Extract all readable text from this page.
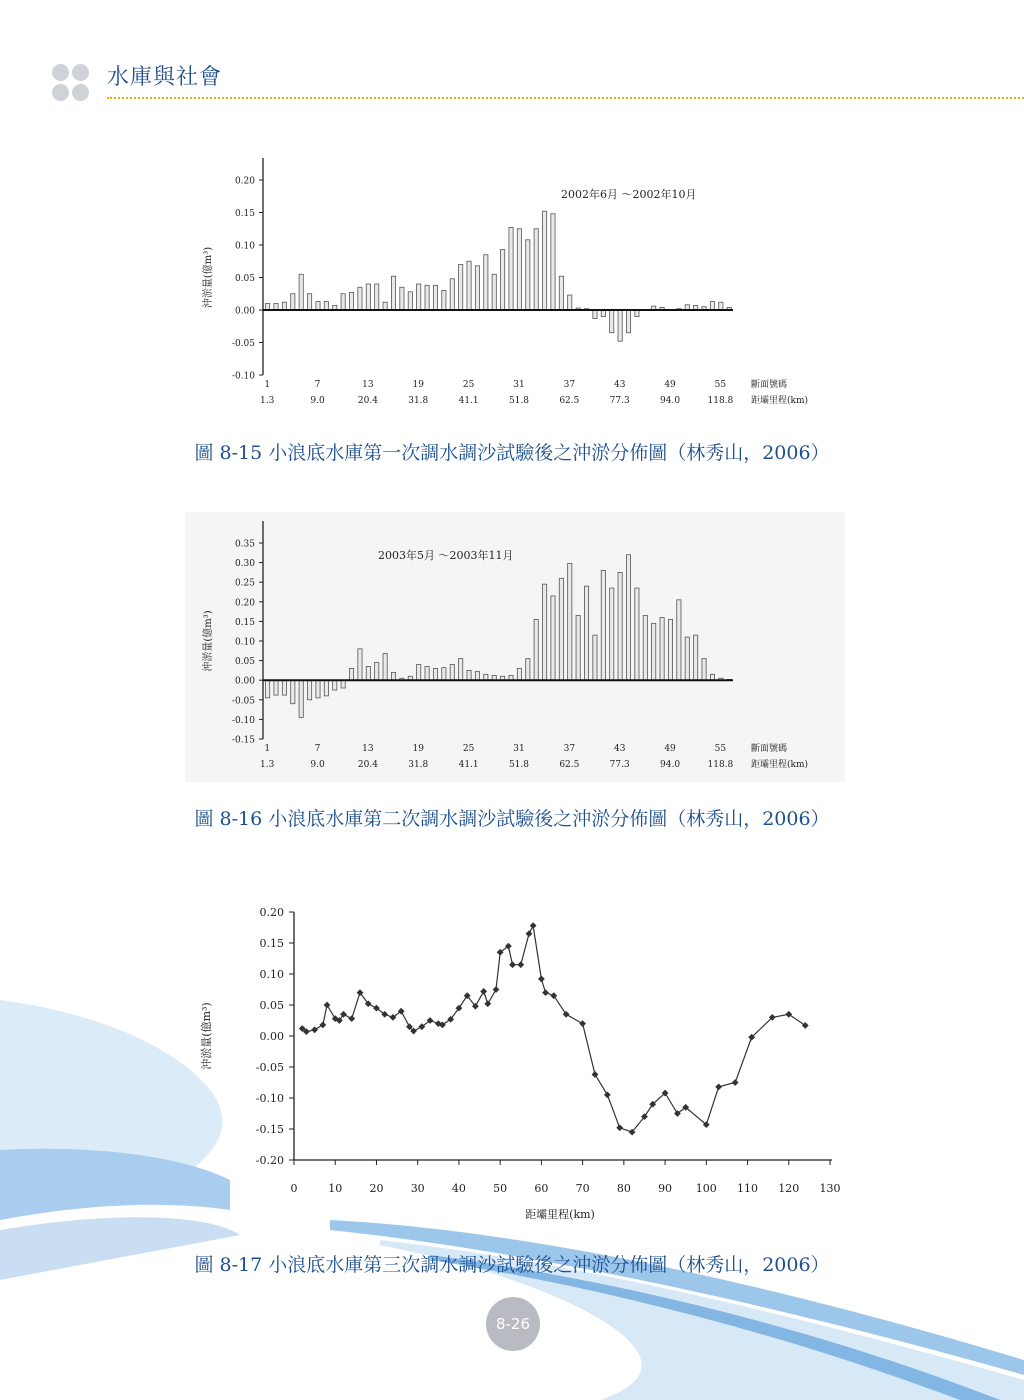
水庫與社會
沖淤量(億m³)
0.20
0.15
0.10
0.05
0.00
-0.05
-0.10
1
1.3
7
9.0
13
20.4
19
31.8
25
41.1
31
51.8
37
62.5
43
77.3
49
94.0
55
118.8
斷面號碼
距壩里程(km)
2002年6月 ～2002年10月
圖 8-15 小浪底水庫第一次調水調沙試驗後之沖淤分佈圖（林秀山，2006）
沖淤量(億m³)
0.35
0.30
0.25
0.20
0.15
0.10
0.05
0.00
-0.05
-0.10
-0.15
1
1.3
7
9.0
13
20.4
19
31.8
25
41.1
31
51.8
37
62.5
43
77.3
49
94.0
55
118.8
斷面號碼
距壩里程(km)
2003年5月 ～2003年11月
圖 8-16 小浪底水庫第二次調水調沙試驗後之沖淤分佈圖（林秀山，2006）
0.20
0.15
0.10
0.05
0.00
-0.05
-0.10
-0.15
-0.20
0	10 20 30 40 50 60 70 80 90 100 110 120 130
距壩里程(km)
沖淤量(億m³)
圖 8-17 小浪底水庫第三次調水調沙試驗後之沖淤分佈圖（林秀山，2006）
8-26
